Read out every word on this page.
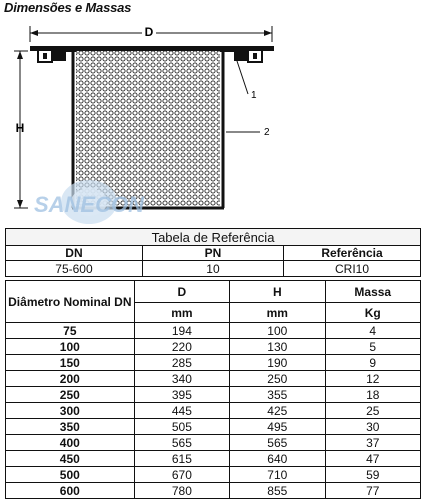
Dimensões e Massas
D
H
1
2
SANECON
Tabela de Referência		
DN	PN	Referência
75-600	10	CRI10
Diâmetro Nominal DN	D	H	Massa
	mm	mm	Kg
75	194	100	4
100	220	130	5
150	285	190	9
200	340	250	12
250	395	355	18
300	445	425	25
350	505	495	30
400	565	565	37
450	615	640	47
500	670	710	59
600	780	855	77
